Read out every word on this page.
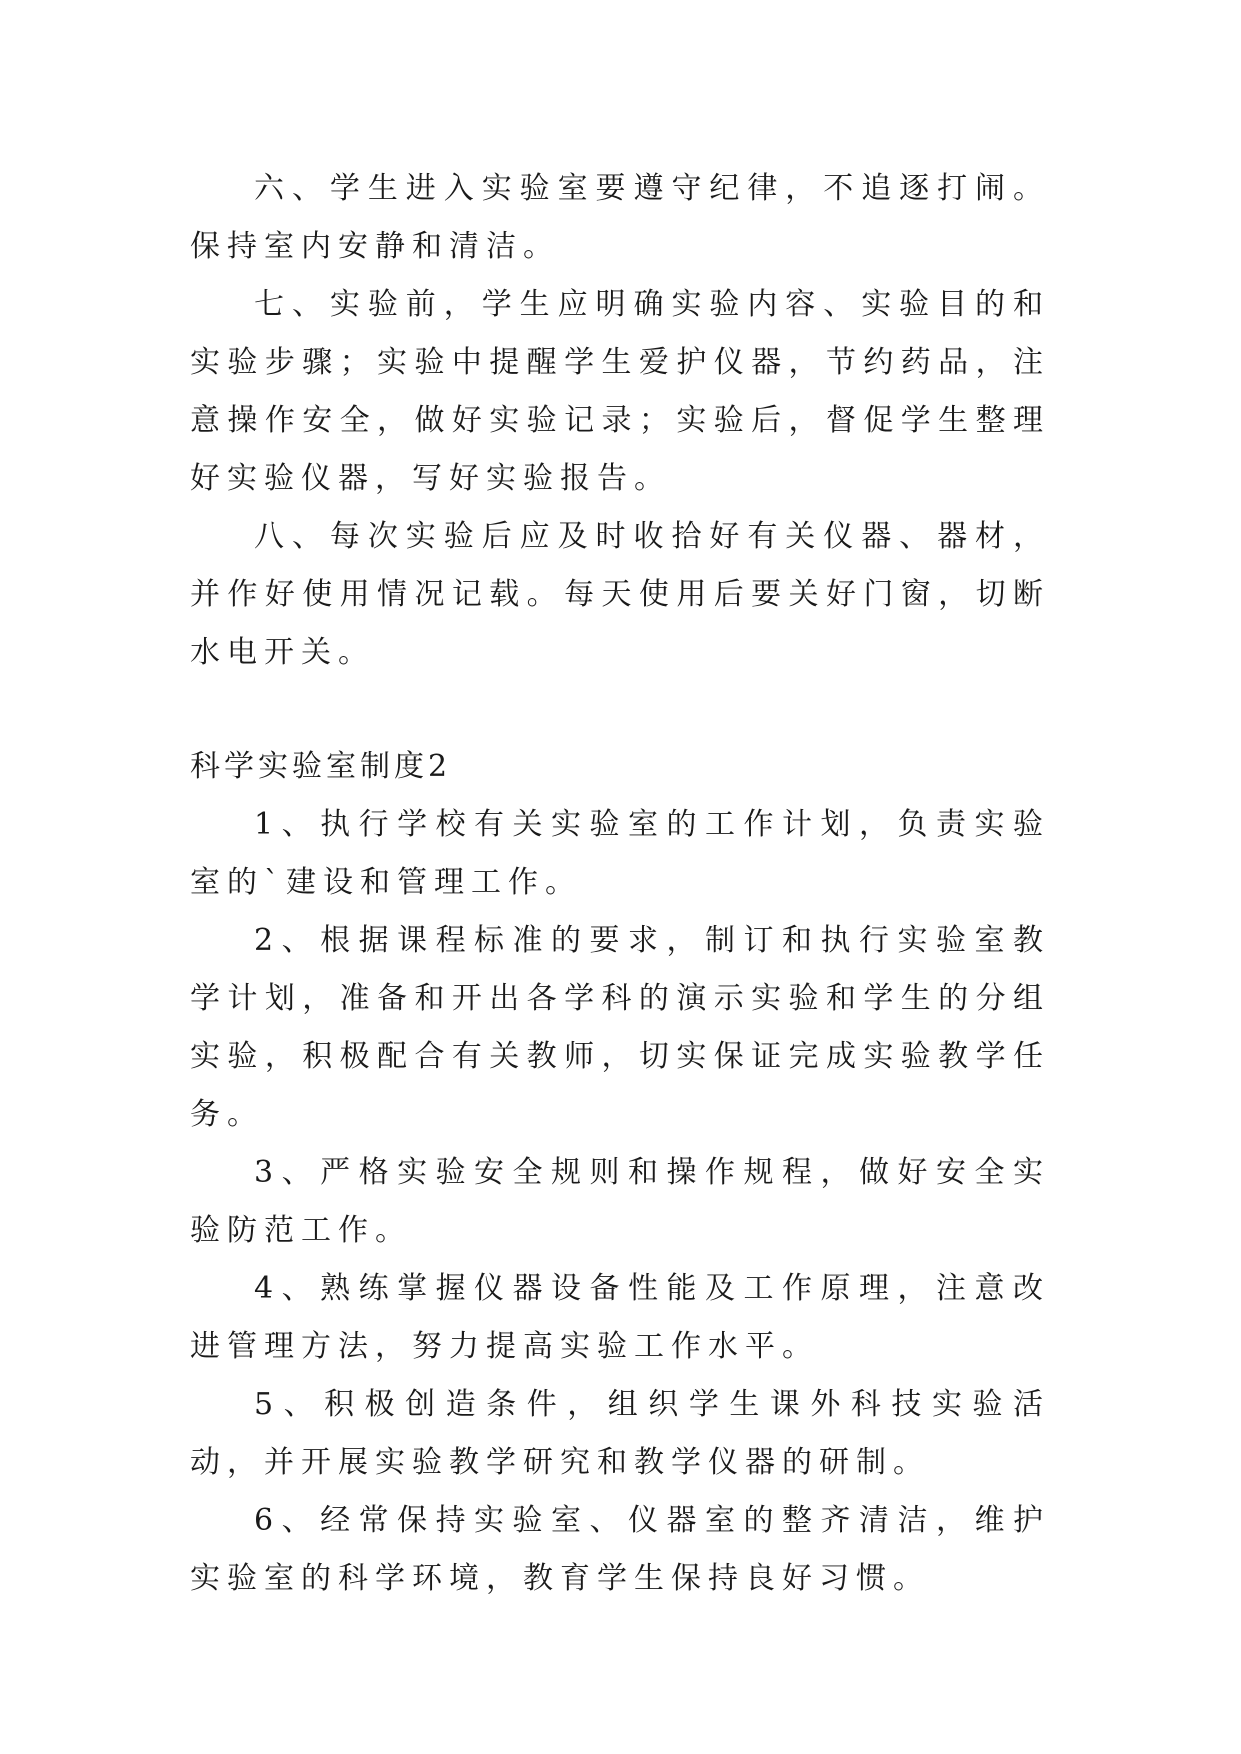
六、学生进入实验室要遵守纪律，不追逐打闹。保持室内安静和清洁。

七、实验前，学生应明确实验内容、实验目的和实验步骤；实验中提醒学生爱护仪器，节约药品，注意操作安全，做好实验记录；实验后，督促学生整理好实验仪器，写好实验报告。

八、每次实验后应及时收拾好有关仪器、器材，并作好使用情况记载。每天使用后要关好门窗，切断水电开关。

科学实验室制度2

1、执行学校有关实验室的工作计划，负责实验室的`建设和管理工作。

2、根据课程标准的要求，制订和执行实验室教学计划，准备和开出各学科的演示实验和学生的分组实验，积极配合有关教师，切实保证完成实验教学任务。

3、严格实验安全规则和操作规程，做好安全实验防范工作。

4、熟练掌握仪器设备性能及工作原理，注意改进管理方法，努力提高实验工作水平。

5、积极创造条件，组织学生课外科技实验活动，并开展实验教学研究和教学仪器的研制。

6、经常保持实验室、仪器室的整齐清洁，维护实验室的科学环境，教育学生保持良好习惯。
